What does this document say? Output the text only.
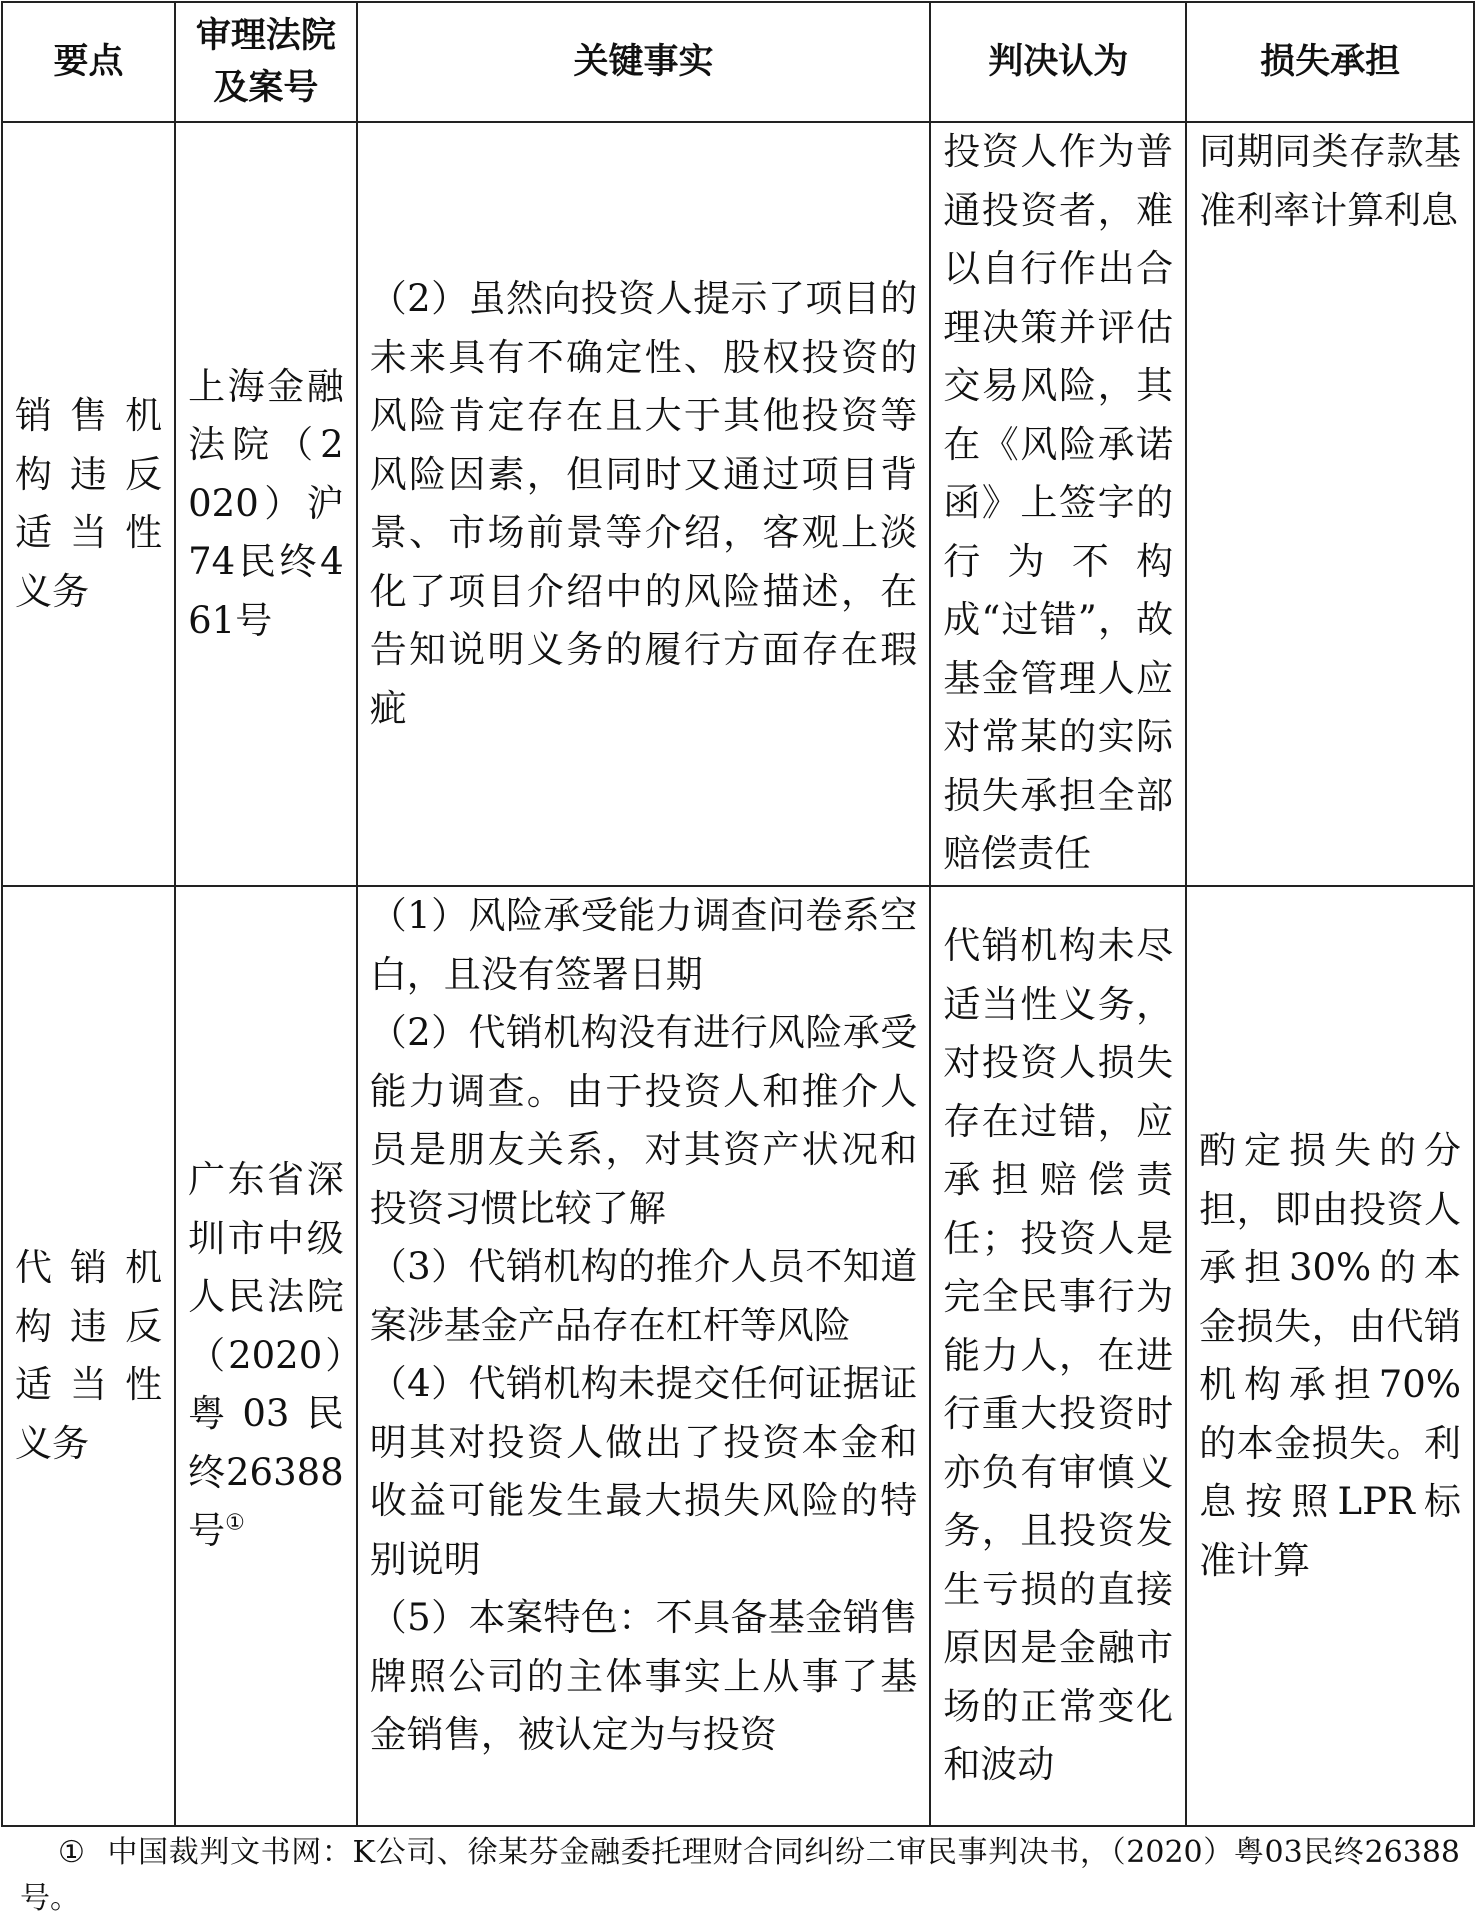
要点	审理法院及案号	关键事实	判决认为	损失承担
销售机构违反适当性义务	上海金融法院（2020）沪74民终461号	（2）虽然向投资人提示了项目的未来具有不确定性、股权投资的风险肯定存在且大于其他投资等风险因素，但同时又通过项目背景、市场前景等介绍，客观上淡化了项目介绍中的风险描述，在告知说明义务的履行方面存在瑕疵	投资人作为普通投资者，难以自行作出合理决策并评估交易风险，其在《风险承诺函》上签字的行为不构成“过错”，故基金管理人应对常某的实际损失承担全部赔偿责任	同期同类存款基准利率计算利息
代销机构违反适当性义务	广东省深圳市中级人民法院（2020）粤03民终26388号①	（1）风险承受能力调查问卷系空白，且没有签署日期
（2）代销机构没有进行风险承受能力调查。由于投资人和推介人员是朋友关系，对其资产状况和投资习惯比较了解
（3）代销机构的推介人员不知道案涉基金产品存在杠杆等风险
（4）代销机构未提交任何证据证明其对投资人做出了投资本金和收益可能发生最大损失风险的特别说明
（5）本案特色：不具备基金销售牌照公司的主体事实上从事了基金销售，被认定为与投资	代销机构未尽适当性义务，对投资人损失存在过错，应承担赔偿责任；投资人是完全民事行为能力人，在进行重大投资时亦负有审慎义务，且投资发生亏损的直接原因是金融市场的正常变化和波动	酌定损失的分担，即由投资人承担30%的本金损失，由代销机构承担70%的本金损失。利息按照LPR标准计算
① 中国裁判文书网：K公司、徐某芬金融委托理财合同纠纷二审民事判决书，（2020）粤03民终26388号。
